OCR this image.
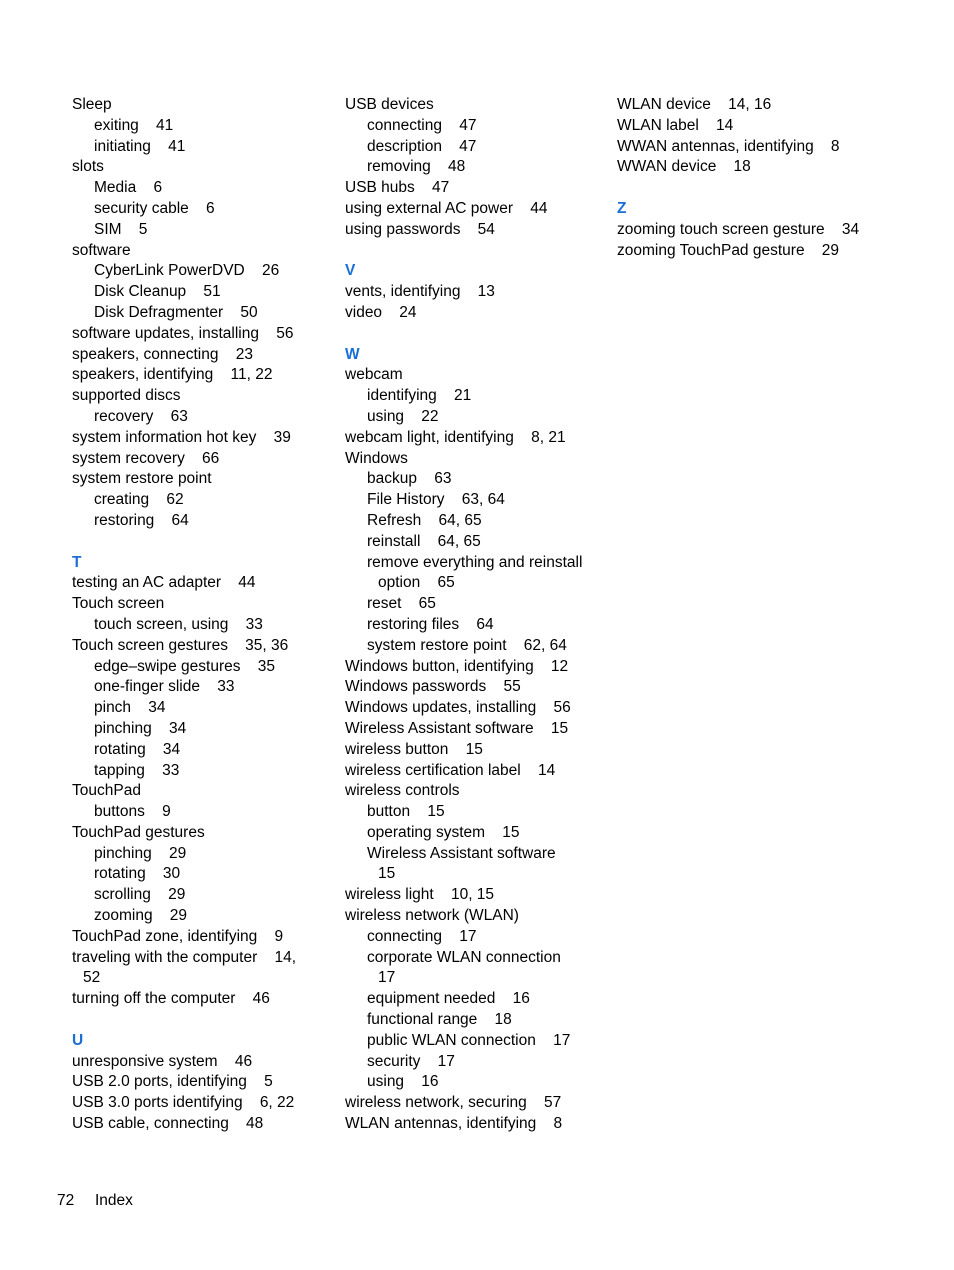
Sleep
exiting    41
initiating    41
slots
Media    6
security cable    6
SIM    5
software
CyberLink PowerDVD    26
Disk Cleanup    51
Disk Defragmenter    50
software updates, installing    56
speakers, connecting    23
speakers, identifying    11, 22
supported discs
recovery    63
system information hot key    39
system recovery    66
system restore point
creating    62
restoring    64
T
testing an AC adapter    44
Touch screen
touch screen, using    33
Touch screen gestures    35, 36
edge–swipe gestures    35
one-finger slide    33
pinch    34
pinching    34
rotating    34
tapping    33
TouchPad
buttons    9
TouchPad gestures
pinching    29
rotating    30
scrolling    29
zooming    29
TouchPad zone, identifying    9
traveling with the computer    14,
52
turning off the computer    46
U
unresponsive system    46
USB 2.0 ports, identifying    5
USB 3.0 ports identifying    6, 22
USB cable, connecting    48
USB devices
connecting    47
description    47
removing    48
USB hubs    47
using external AC power    44
using passwords    54
V
vents, identifying    13
video    24
W
webcam
identifying    21
using    22
webcam light, identifying    8, 21
Windows
backup    63
File History    63, 64
Refresh    64, 65
reinstall    64, 65
remove everything and reinstall
option    65
reset    65
restoring files    64
system restore point    62, 64
Windows button, identifying    12
Windows passwords    55
Windows updates, installing    56
Wireless Assistant software    15
wireless button    15
wireless certification label    14
wireless controls
button    15
operating system    15
Wireless Assistant software
15
wireless light    10, 15
wireless network (WLAN)
connecting    17
corporate WLAN connection
17
equipment needed    16
functional range    18
public WLAN connection    17
security    17
using    16
wireless network, securing    57
WLAN antennas, identifying    8
WLAN device    14, 16
WLAN label    14
WWAN antennas, identifying    8
WWAN device    18
Z
zooming touch screen gesture    34
zooming TouchPad gesture    29
72 Index
